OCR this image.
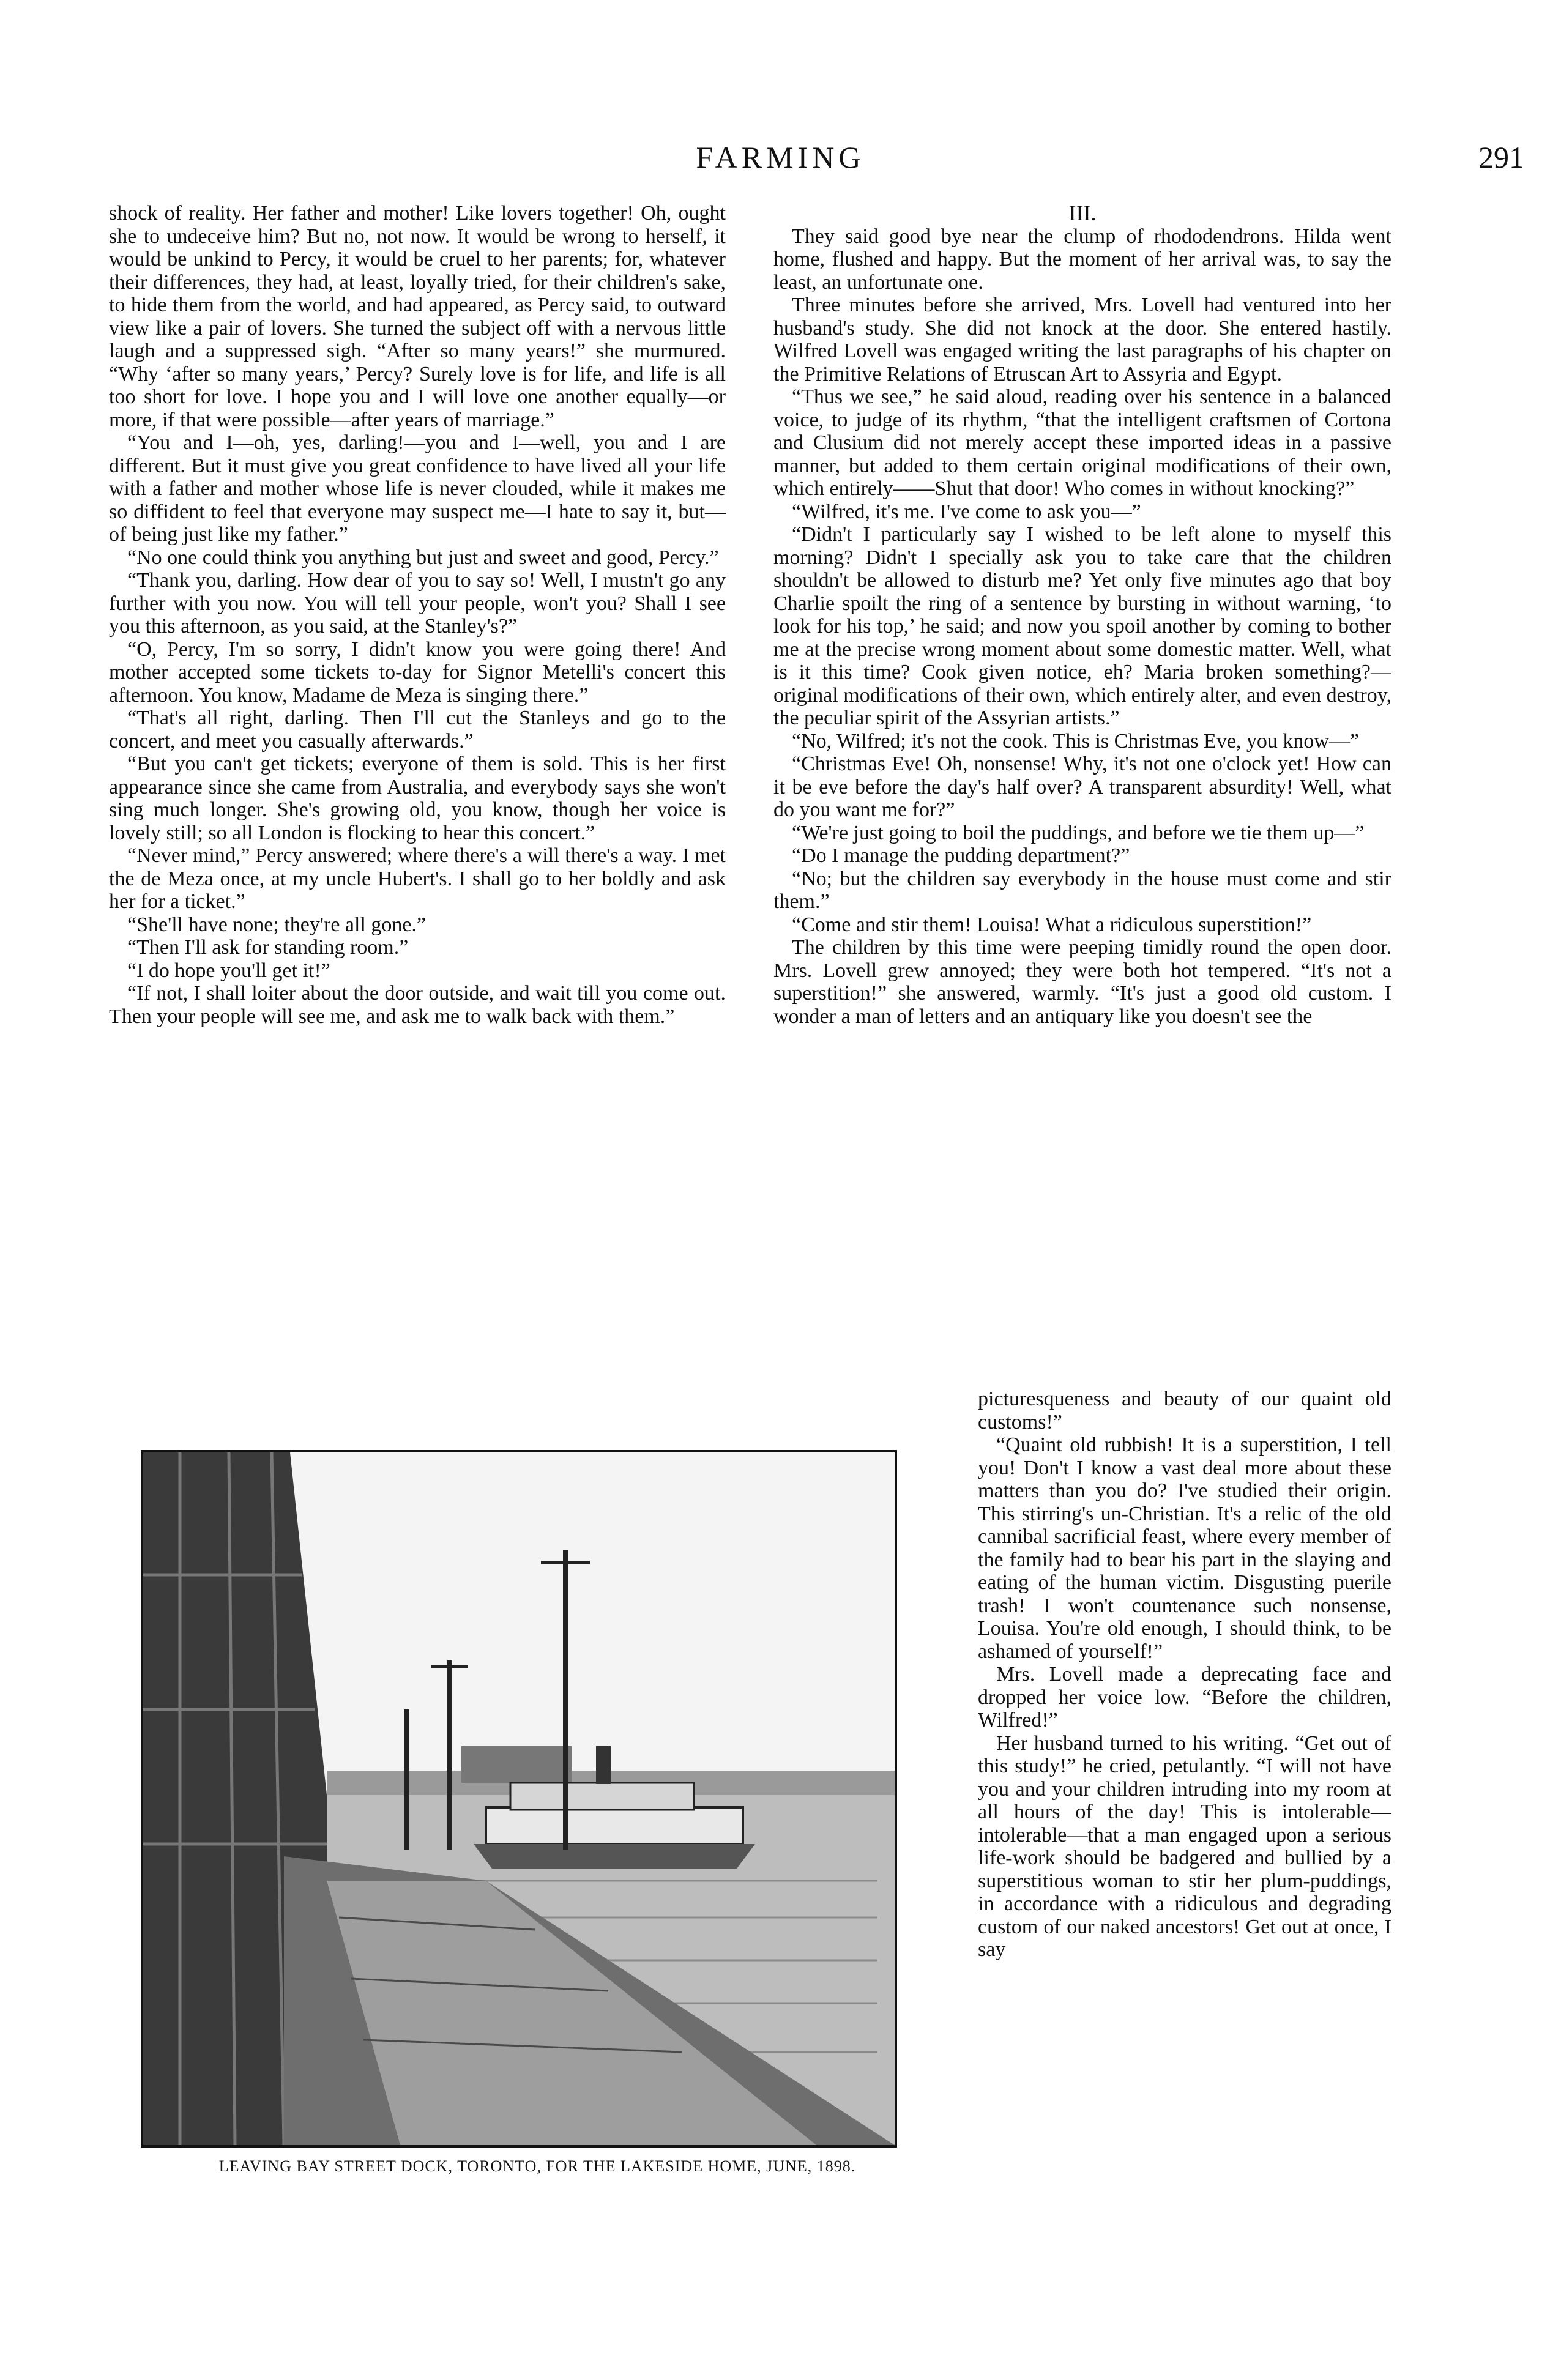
FARMING	291

shock of reality. Her father and mother! Like lovers together! Oh, ought she to undeceive him? But no, not now. It would be wrong to herself, it would be unkind to Percy, it would be cruel to her parents; for, whatever their differences, they had, at least, loyally tried, for their children's sake, to hide them from the world, and had appeared, as Percy said, to outward view like a pair of lovers. She turned the subject off with a nervous little laugh and a suppressed sigh. “After so many years!” she murmured. “Why ‘after so many years,’ Percy? Surely love is for life, and life is all too short for love. I hope you and I will love one another equally—or more, if that were possible—after years of marriage.”

“You and I—oh, yes, darling!—you and I—well, you and I are different. But it must give you great confidence to have lived all your life with a father and mother whose life is never clouded, while it makes me so diffident to feel that everyone may suspect me—I hate to say it, but—of being just like my father.”

“No one could think you anything but just and sweet and good, Percy.”

“Thank you, darling. How dear of you to say so! Well, I mustn't go any further with you now. You will tell your people, won't you? Shall I see you this afternoon, as you said, at the Stanley's?”

“O, Percy, I'm so sorry, I didn't know you were going there! And mother accepted some tickets to-day for Signor Metelli's concert this afternoon. You know, Madame de Meza is singing there.”

“That's all right, darling. Then I'll cut the Stanleys and go to the concert, and meet you casually afterwards.”

“But you can't get tickets; everyone of them is sold. This is her first appearance since she came from Australia, and everybody says she won't sing much longer. She's growing old, you know, though her voice is lovely still; so all London is flocking to hear this concert.”

“Never mind,” Percy answered; where there's a will there's a way. I met the de Meza once, at my uncle Hubert's. I shall go to her boldly and ask her for a ticket.”

“She'll have none; they're all gone.”

“Then I'll ask for standing room.”

“I do hope you'll get it!”

“If not, I shall loiter about the door outside, and wait till you come out. Then your people will see me, and ask me to walk back with them.”

III.

They said good bye near the clump of rhododendrons. Hilda went home, flushed and happy. But the moment of her arrival was, to say the least, an unfortunate one.

Three minutes before she arrived, Mrs. Lovell had ventured into her husband's study. She did not knock at the door. She entered hastily. Wilfred Lovell was engaged writing the last paragraphs of his chapter on the Primitive Relations of Etruscan Art to Assyria and Egypt.

“Thus we see,” he said aloud, reading over his sentence in a balanced voice, to judge of its rhythm, “that the intelligent craftsmen of Cortona and Clusium did not merely accept these imported ideas in a passive manner, but added to them certain original modifications of their own, which entirely——Shut that door! Who comes in without knocking?”

“Wilfred, it's me. I've come to ask you—”

“Didn't I particularly say I wished to be left alone to myself this morning? Didn't I specially ask you to take care that the children shouldn't be allowed to disturb me? Yet only five minutes ago that boy Charlie spoilt the ring of a sentence by bursting in without warning, ‘to look for his top,’ he said; and now you spoil another by coming to bother me at the precise wrong moment about some domestic matter. Well, what is it this time? Cook given notice, eh? Maria broken something?—original modifications of their own, which entirely alter, and even destroy, the peculiar spirit of the Assyrian artists.”

“No, Wilfred; it's not the cook. This is Christmas Eve, you know—”

“Christmas Eve! Oh, nonsense! Why, it's not one o'clock yet! How can it be eve before the day's half over? A transparent absurdity! Well, what do you want me for?”

“We're just going to boil the puddings, and before we tie them up—”

“Do I manage the pudding department?”

“No; but the children say everybody in the house must come and stir them.”

“Come and stir them! Louisa! What a ridiculous superstition!”

The children by this time were peeping timidly round the open door. Mrs. Lovell grew annoyed; they were both hot tempered. “It's not a superstition!” she answered, warmly. “It's just a good old custom. I wonder a man of letters and an antiquary like you doesn't see the

picturesqueness and beauty of our quaint old customs!”

“Quaint old rubbish! It is a superstition, I tell you! Don't I know a vast deal more about these matters than you do? I've studied their origin. This stirring's un-Christian. It's a relic of the old cannibal sacrificial feast, where every member of the family had to bear his part in the slaying and eating of the human victim. Disgusting puerile trash! I won't countenance such nonsense, Louisa. You're old enough, I should think, to be ashamed of yourself!”

Mrs. Lovell made a deprecating face and dropped her voice low. “Before the children, Wilfred!”

Her husband turned to his writing. “Get out of this study!” he cried, petulantly. “I will not have you and your children intruding into my room at all hours of the day! This is intolerable—intolerable—that a man engaged upon a serious life-work should be badgered and bullied by a superstitious woman to stir her plum-puddings, in accordance with a ridiculous and degrading custom of our naked ancestors! Get out at once, I say

LEAVING BAY STREET DOCK, TORONTO, FOR THE LAKESIDE HOME, JUNE, 1898.
